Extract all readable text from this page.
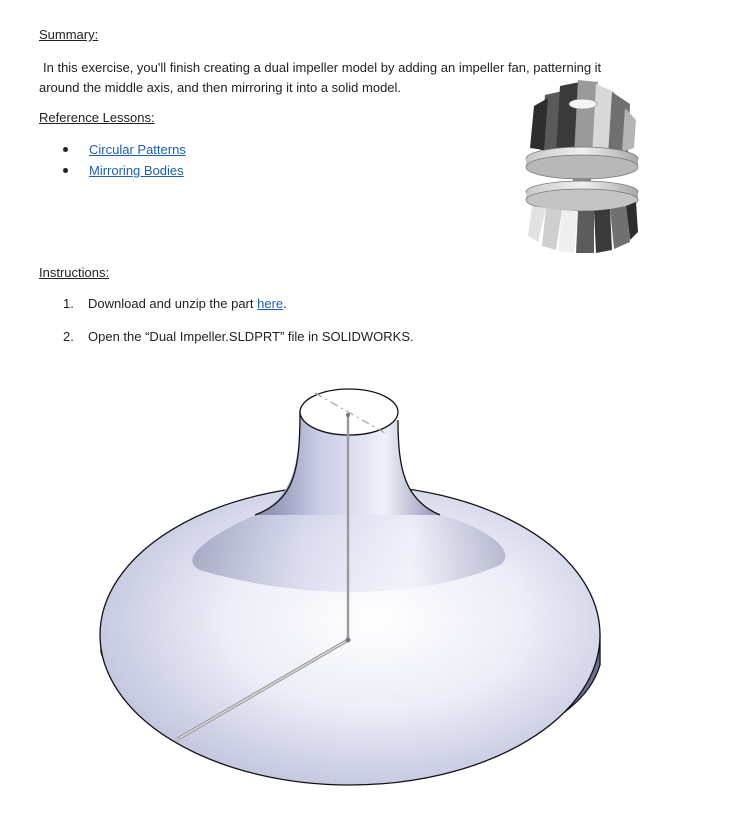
Summary:
In this exercise, you'll finish creating a dual impeller model by adding an impeller fan, patterning it
around the middle axis, and then mirroring it into a solid model.
Reference Lessons:
Circular Patterns
Mirroring Bodies
Instructions:
1.	Download and unzip the part here.
2.	Open the “Dual Impeller.SLDPRT” file in SOLIDWORKS.
